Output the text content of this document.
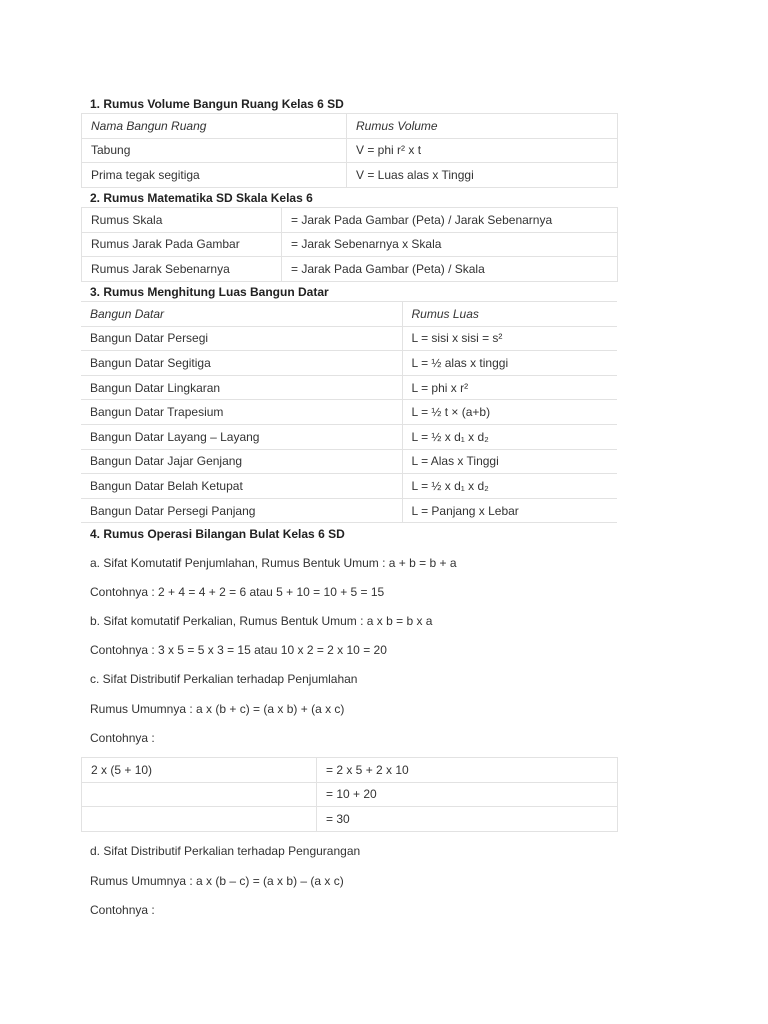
1. Rumus Volume Bangun Ruang Kelas 6 SD
Nama Bangun Ruang	Rumus Volume
Tabung	V = phi r² x t
Prima tegak segitiga	V = Luas alas x Tinggi
2. Rumus Matematika SD Skala Kelas 6
Rumus Skala	= Jarak Pada Gambar (Peta) / Jarak Sebenarnya
Rumus Jarak Pada Gambar	= Jarak Sebenarnya x Skala
Rumus Jarak Sebenarnya	= Jarak Pada Gambar (Peta) / Skala
3. Rumus Menghitung Luas Bangun Datar
Bangun Datar	Rumus Luas
Bangun Datar Persegi	L = sisi x sisi = s²
Bangun Datar Segitiga	L = ½ alas x tinggi
Bangun Datar Lingkaran	L = phi x r²
Bangun Datar Trapesium	L = ½ t × (a+b)
Bangun Datar Layang – Layang	L = ½ x d₁ x d₂
Bangun Datar Jajar Genjang	L = Alas x Tinggi
Bangun Datar Belah Ketupat	L = ½ x d₁ x d₂
Bangun Datar Persegi Panjang	L = Panjang x Lebar
4. Rumus Operasi Bilangan Bulat Kelas 6 SD
a. Sifat Komutatif Penjumlahan, Rumus Bentuk Umum : a + b = b + a
Contohnya : 2 + 4 = 4 + 2 = 6 atau 5 + 10 = 10 + 5 = 15
b. Sifat komutatif Perkalian, Rumus Bentuk Umum : a x b = b x a
Contohnya : 3 x 5 = 5 x 3 = 15 atau 10 x 2 = 2 x 10 = 20
c. Sifat Distributif Perkalian terhadap Penjumlahan
Rumus Umumnya : a x (b + c) = (a x b) + (a x c)
Contohnya :
2 x (5 + 10)	= 2 x 5 + 2 x 10
	= 10 + 20
	= 30
d. Sifat Distributif Perkalian terhadap Pengurangan
Rumus Umumnya : a x (b – c) = (a x b) – (a x c)
Contohnya :
